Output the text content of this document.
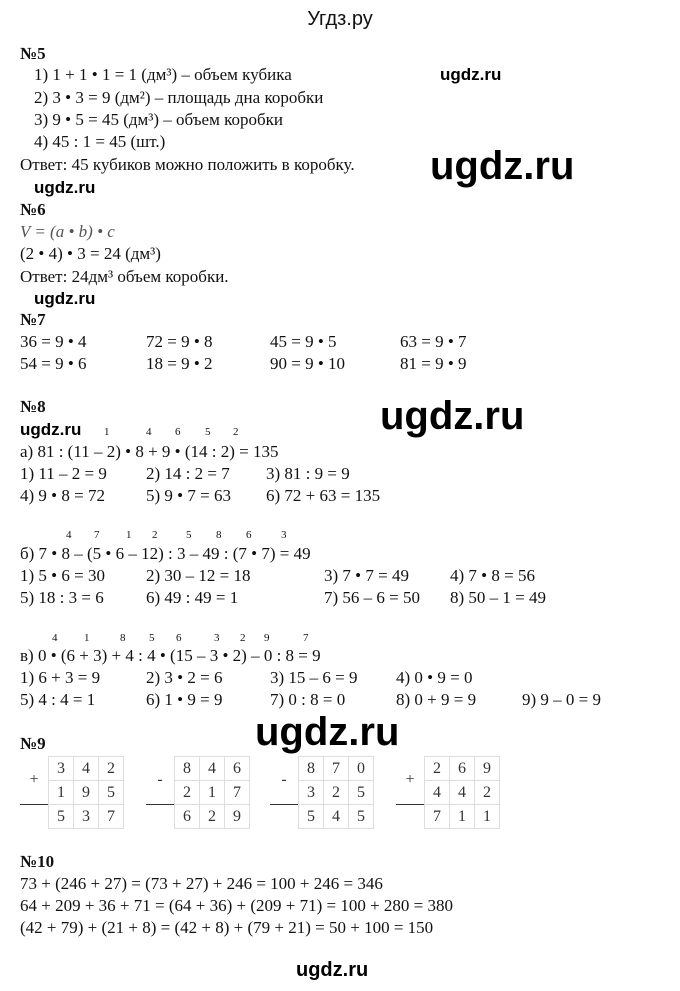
Угдз.ру
№5
1) 1 + 1 • 1 = 1 (дм³) – объем кубика
2) 3 • 3 = 9 (дм²) – площадь дна коробки
3) 9 • 5 = 45 (дм³) – объем коробки
4) 45 : 1 = 45 (шт.)
Ответ: 45 кубиков можно положить в коробку.
ugdz.ru
ugdz.ru
ugdz.ru
№6
V = (a • b) • c
(2 • 4) • 3 = 24 (дм³)
Ответ: 24дм³ объем коробки.
ugdz.ru
№7
36 = 9 • 4	72 = 9 • 8	45 = 9 • 5	63 = 9 • 7
54 = 9 • 6	18 = 9 • 2	90 = 9 • 10	81 = 9 • 9
№8	ugdz.ru
ugdz.ru 1	4 6 5 2
а) 81 : (11 – 2) • 8 + 9 • (14 : 2) = 135
1) 11 – 2 = 9 2) 14 : 2 = 7 3) 81 : 9 = 9
4) 9 • 8 = 72 5) 9 • 7 = 63 6) 72 + 63 = 135
4 7 1 2	5 8 6	3
б) 7 • 8 – (5 • 6 – 12) : 3 – 49 : (7 • 7) = 49
1) 5 • 6 = 30 2) 30 – 12 = 18	3) 7 • 7 = 49 4) 7 • 8 = 56
5) 18 : 3 = 6 6) 49 : 49 = 1	7) 56 – 6 = 50 8) 50 – 1 = 49
4 1	8 5 6	3 2 9	7
в) 0 • (6 + 3) + 4 : 4 • (15 – 3 • 2) – 0 : 8 = 9
1) 6 + 3 = 9	2) 3 • 2 = 6	3) 15 – 6 = 9 4) 0 • 9 = 0
5) 4 : 4 = 1	6) 1 • 9 = 9	7) 0 : 8 = 0	8) 0 + 9 = 9	9) 9 – 0 = 9
ugdz.ru
№9
+	3	4	2
	1	9	5
	5	3	7
-	8	4	6
	2	1	7
	6	2	9
-	8	7	0
	3	2	5
	5	4	5
+	2	6	9
	4	4	2
	7	1	1
№10
73 + (246 + 27) = (73 + 27) + 246 = 100 + 246 = 346
64 + 209 + 36 + 71 = (64 + 36) + (209 + 71) = 100 + 280 = 380
(42 + 79) + (21 + 8) = (42 + 8) + (79 + 21) = 50 + 100 = 150
ugdz.ru
